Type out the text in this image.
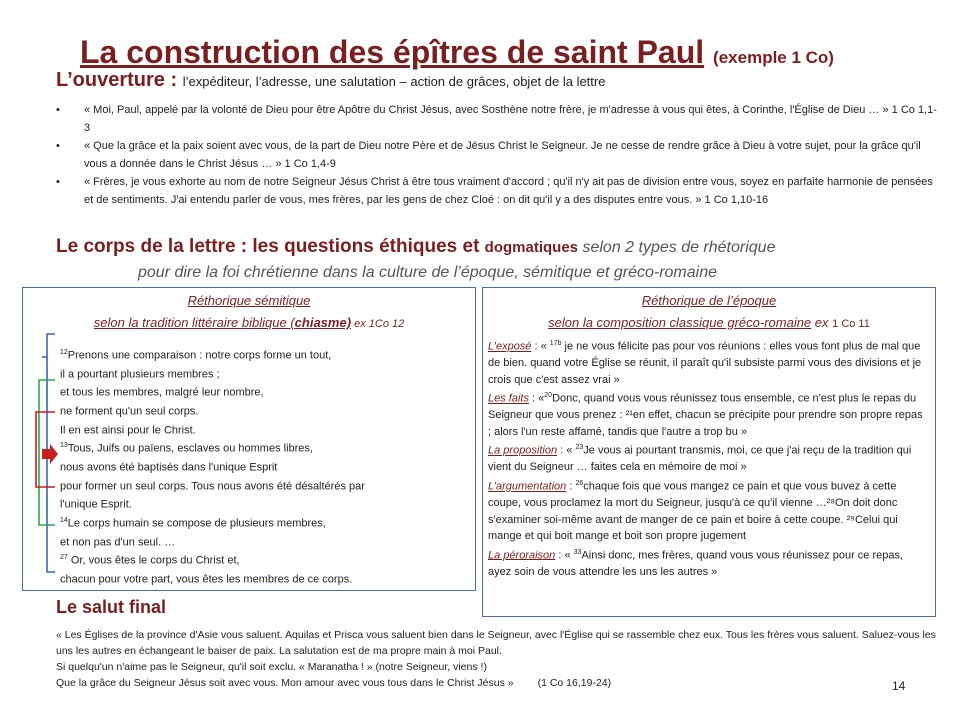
La construction des épîtres de saint Paul (exemple 1 Co)
L’ouverture : l’expéditeur, l’adresse, une salutation – action de grâces, objet de la lettre
• « Moi, Paul, appelé par la volonté de Dieu pour être Apôtre du Christ Jésus, avec Sosthène notre frère, je m'adresse à vous qui êtes, à Corinthe, l'Église de Dieu … » 1 Co 1,1-3
• « Que la grâce et la paix soient avec vous, de la part de Dieu notre Père et de Jésus Christ le Seigneur. Je ne cesse de rendre grâce à Dieu à votre sujet, pour la grâce qu'il vous a donnée dans le Christ Jésus … » 1 Co 1,4-9
• « Frères, je vous exhorte au nom de notre Seigneur Jésus Christ à être tous vraiment d'accord ; qu'il n'y ait pas de division entre vous, soyez en parfaite harmonie de pensées et de sentiments. J'ai entendu parler de vous, mes frères, par les gens de chez Cloé : on dit qu'il y a des disputes entre vous. » 1 Co 1,10-16
Le corps de la lettre : les questions éthiques et dogmatiques selon 2 types de rhétorique
pour dire la foi chrétienne dans la culture de l’époque, sémitique et gréco-romaine
Réthorique sémitique
selon la tradition littéraire biblique (chiasme) ex 1Co 12
$^{12}$Prenons une comparaison : notre corps forme un tout,
il a pourtant plusieurs membres ;
et tous les membres, malgré leur nombre,
ne forment qu'un seul corps.
Il en est ainsi pour le Christ.
$^{13}$Tous, Juifs ou païens, esclaves ou hommes libres,
nous avons été baptisés dans l'unique Esprit
pour former un seul corps. Tous nous avons été désaltérés par
l'unique Esprit.
$^{14}$Le corps humain se compose de plusieurs membres,
et non pas d'un seul. …
$^{27}$ Or, vous êtes le corps du Christ et,
chacun pour votre part, vous êtes les membres de ce corps.
Réthorique de l’époque
selon la composition classique gréco-romaine ex 1 Co 11
L’exposé : « $^{17b}$ je ne vous félicite pas pour vos réunions : elles vous font plus de mal que de bien. quand votre Église se réunit, il paraît qu'il subsiste parmi vous des divisions et je crois que c'est assez vrai »
Les faits : «$^{20}$Donc, quand vous vous réunissez tous ensemble, ce n'est plus le repas du Seigneur que vous prenez : ²¹en effet, chacun se précipite pour prendre son propre repas ; alors l'un reste affamé, tandis que l'autre a trop bu »
La proposition : « $^{23}$Je vous ai pourtant transmis, moi, ce que j'ai reçu de la tradition qui vient du Seigneur … faites cela en mémoire de moi »
L’argumentation : $^{26}$chaque fois que vous mangez ce pain et que vous buvez à cette coupe, vous proclamez la mort du Seigneur, jusqu'à ce qu'il vienne …²⁸On doit donc s'examiner soi-même avant de manger de ce pain et boire à cette coupe. ²⁹Celui qui mange et qui boit mange et boit son propre jugement
La péroraison : « $^{33}$Ainsi donc, mes frères, quand vous vous réunissez pour ce repas, ayez soin de vous attendre les uns les autres »
Le salut final
« Les Églises de la province d'Asie vous saluent. Aquilas et Prisca vous saluent bien dans le Seigneur, avec l'Église qui se rassemble chez eux. Tous les frères vous saluent. Saluez-vous les uns les autres en échangeant le baiser de paix. La salutation est de ma propre main à moi Paul.
Si quelqu'un n'aime pas le Seigneur, qu'il soit exclu. « Maranatha ! » (notre Seigneur, viens !)
Que la grâce du Seigneur Jésus soit avec vous. Mon amour avec vous tous dans le Christ Jésus » (1 Co 16,19-24)	14
